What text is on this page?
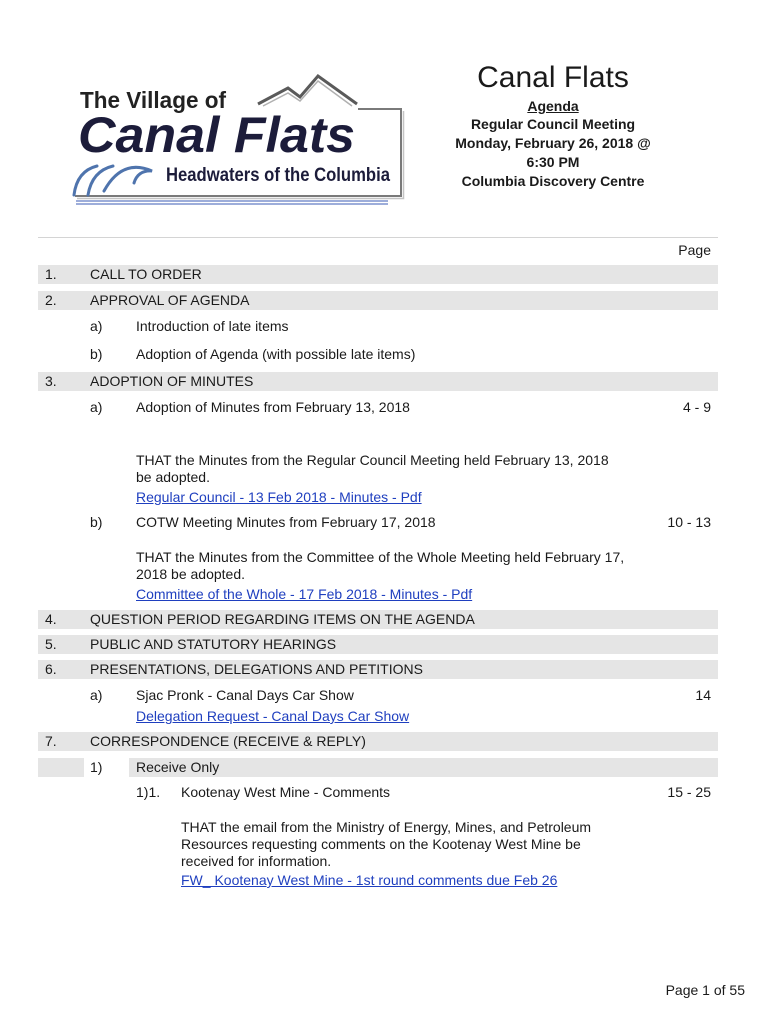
The Village of
Canal Flats
Headwaters of the Columbia
Canal Flats
Agenda
Regular Council Meeting
Monday, February 26, 2018 @
6:30 PM
Columbia Discovery Centre
Page
1. CALL TO ORDER
2. APPROVAL OF AGENDA
a) Introduction of late items
b) Adoption of Agenda (with possible late items)
3. ADOPTION OF MINUTES
a) Adoption of Minutes from February 13, 2018	4 - 9
THAT the Minutes from the Regular Council Meeting held February 13, 2018
be adopted.
Regular Council - 13 Feb 2018 - Minutes - Pdf
b) COTW Meeting Minutes from February 17, 2018	10 - 13
THAT the Minutes from the Committee of the Whole Meeting held February 17,
2018 be adopted.
Committee of the Whole - 17 Feb 2018 - Minutes - Pdf
4. QUESTION PERIOD REGARDING ITEMS ON THE AGENDA
5. PUBLIC AND STATUTORY HEARINGS
6. PRESENTATIONS, DELEGATIONS AND PETITIONS
a) Sjac Pronk - Canal Days Car Show	14
Delegation Request - Canal Days Car Show
7. CORRESPONDENCE (RECEIVE & REPLY)
1) Receive Only
1)1. Kootenay West Mine - Comments	15 - 25
THAT the email from the Ministry of Energy, Mines, and Petroleum
Resources requesting comments on the Kootenay West Mine be
received for information.
FW_ Kootenay West Mine - 1st round comments due Feb 26
Page 1 of 55
